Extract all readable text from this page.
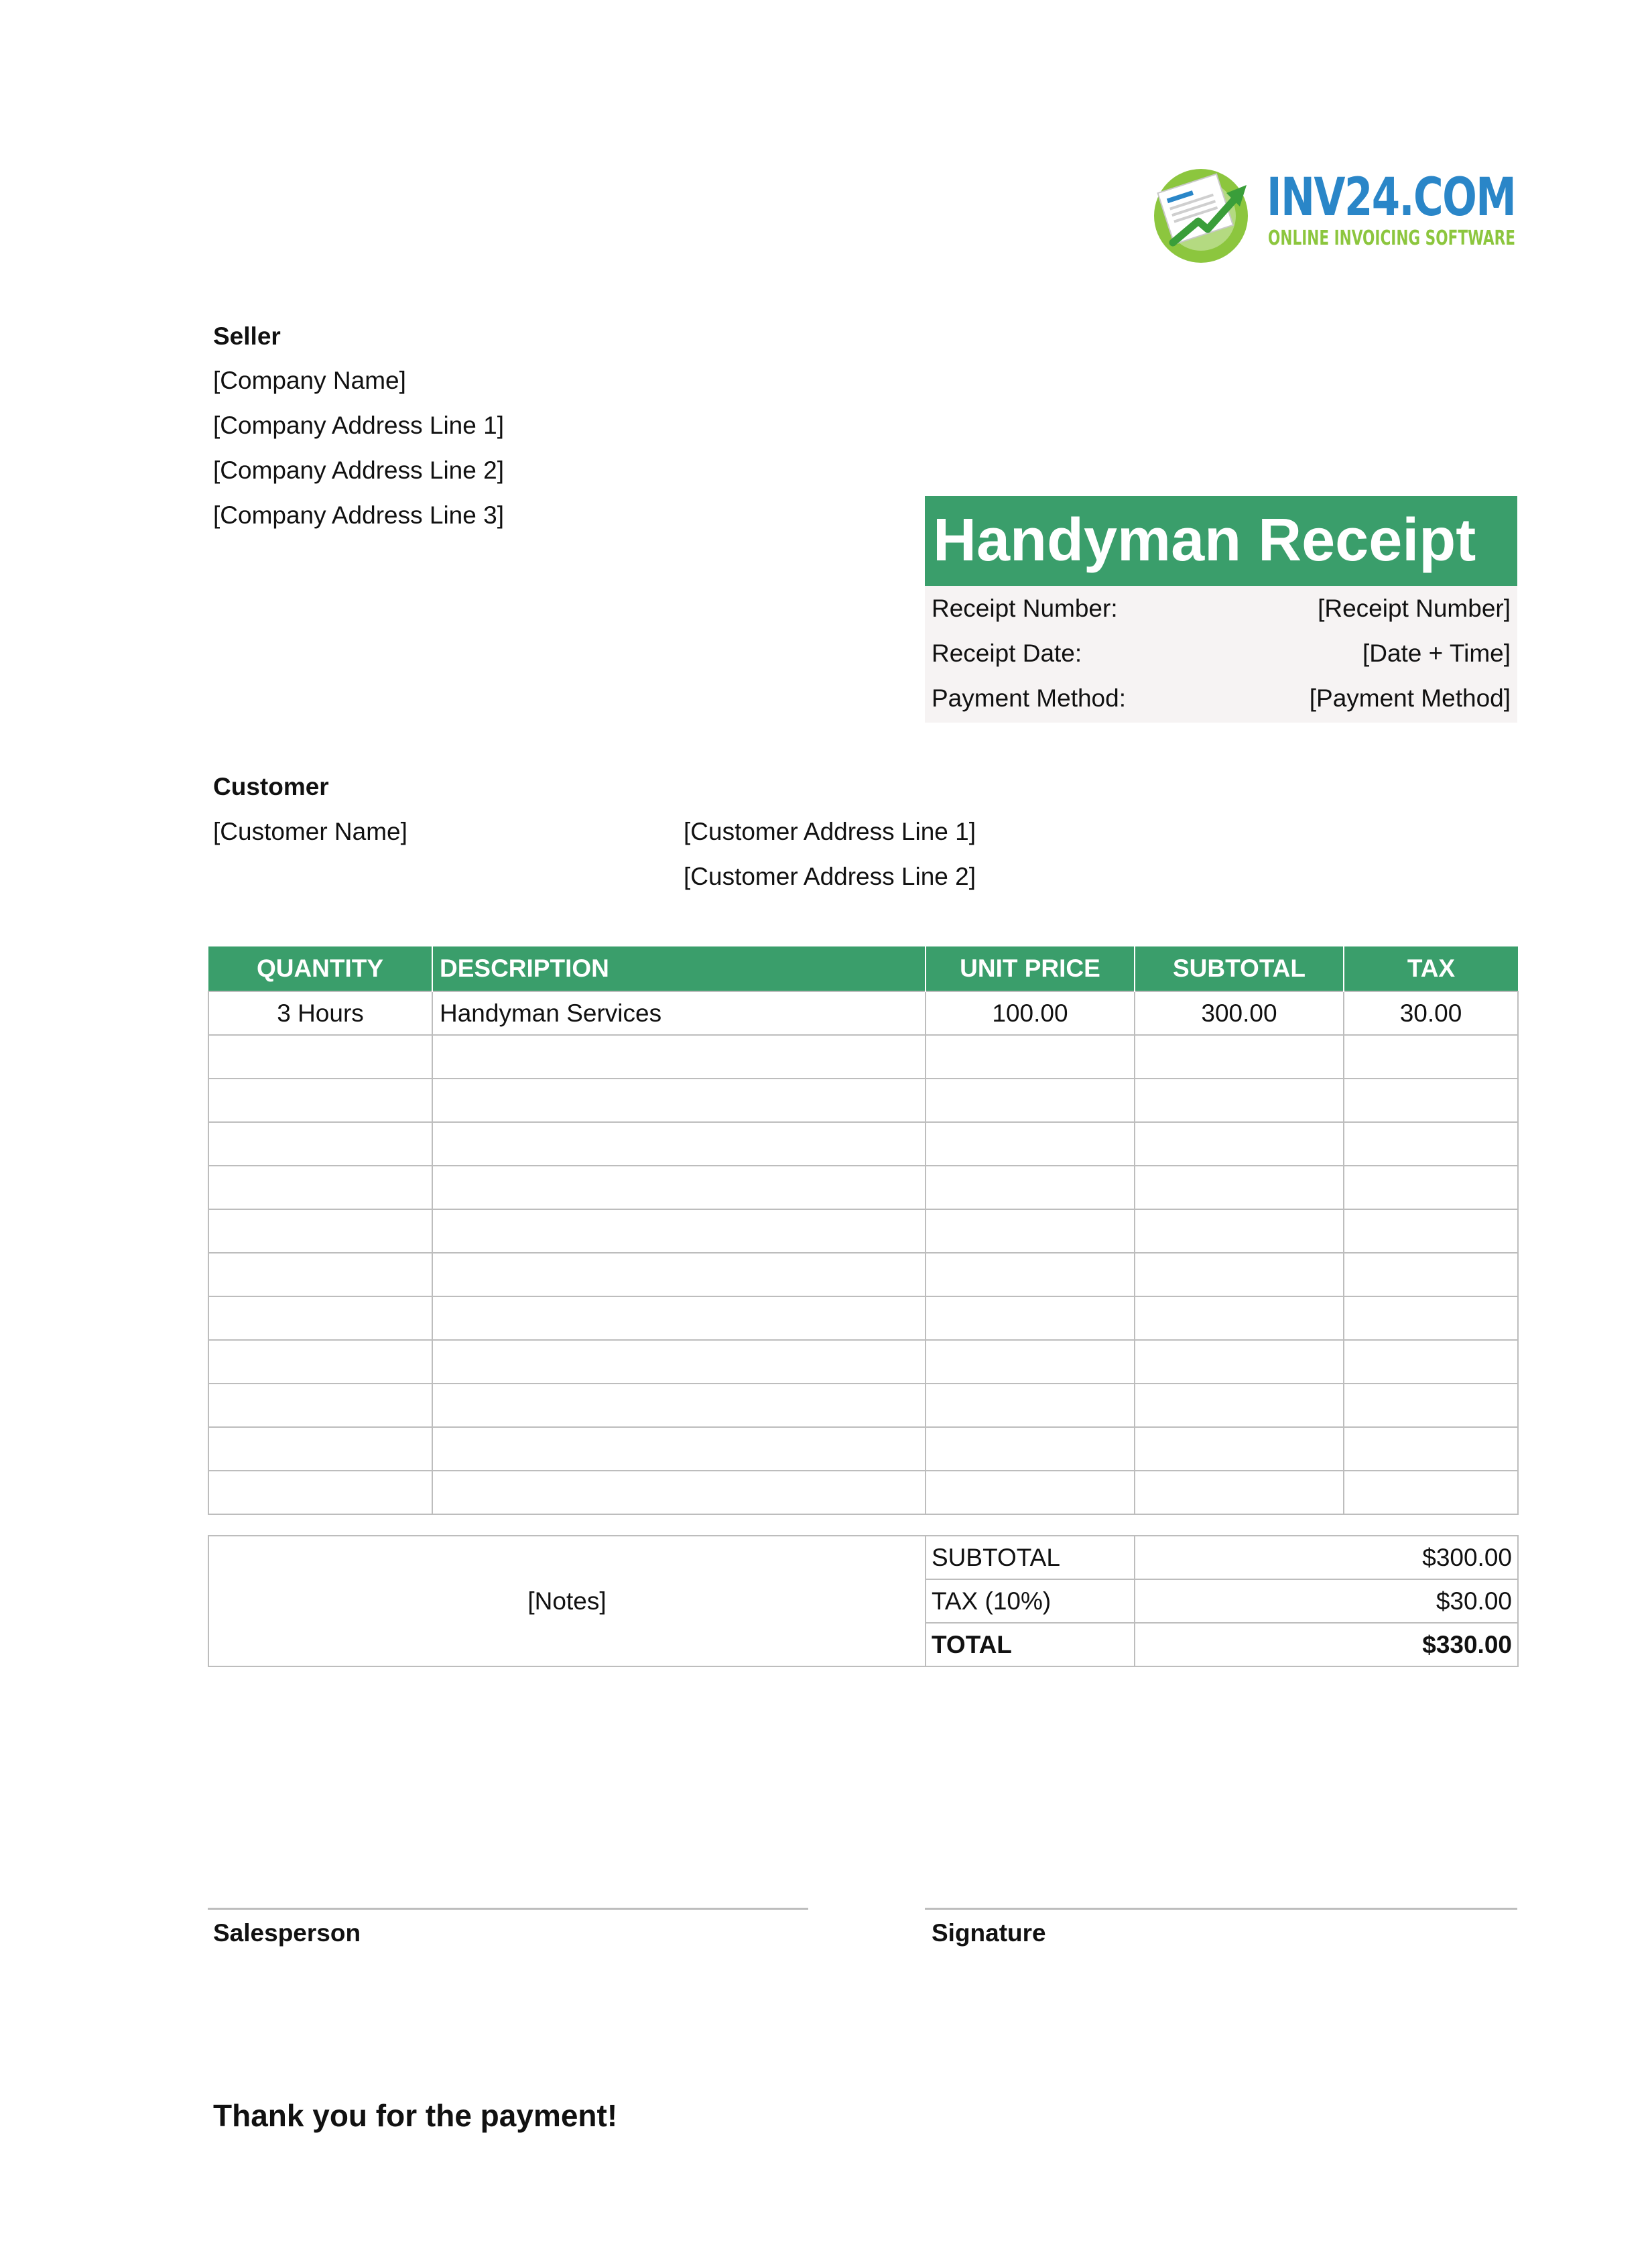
INV24.COM
ONLINE INVOICING SOFTWARE
Seller
[Company Name]
[Company Address Line 1]
[Company Address Line 2]
[Company Address Line 3]	Handyman Receipt
Receipt Number:	[Receipt Number]
Receipt Date:	[Date + Time]
Payment Method:	[Payment Method]
Customer
[Customer Name]	[Customer Address Line 1]
[Customer Address Line 2]
QUANTITY	DESCRIPTION	UNIT PRICE	SUBTOTAL	TAX
3 Hours	Handyman Services	100.00	300.00	30.00

[Notes]	SUBTOTAL	$300.00
	TAX (10%)	$30.00
	TOTAL	$330.00
Salesperson	Signature
Thank you for the payment!
